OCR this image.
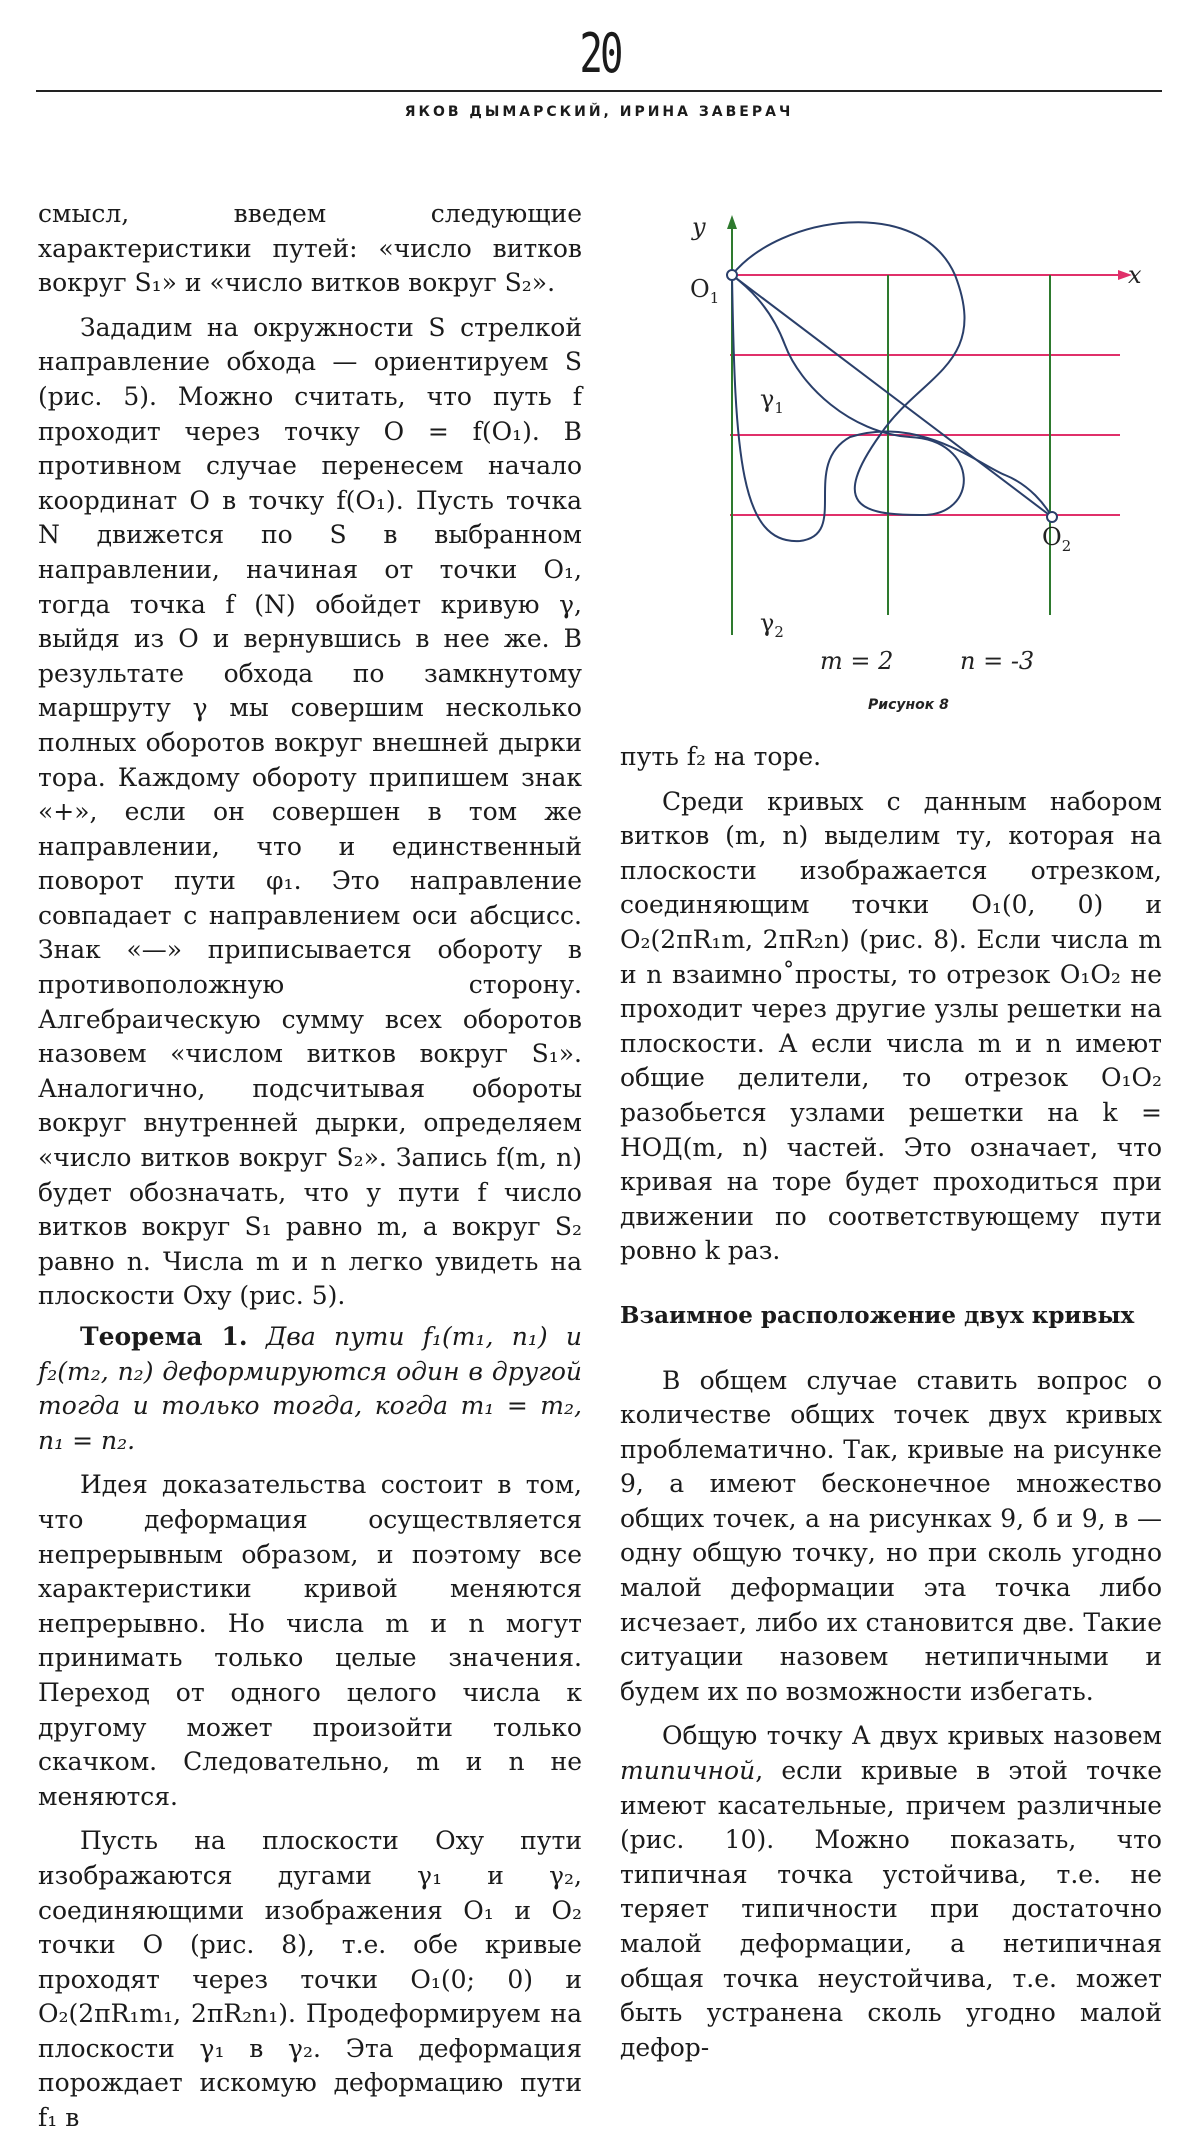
20
ЯКОВ ДЫМАРСКИЙ, ИРИНА ЗАВЕРАЧ
y
x
$O_1$
$O_2$
$\gamma_1$
$\gamma_2$
m = 2	n = -3
Рисунок 8

смысл, введем следующие характеристики путей: «число витков вокруг S₁» и «число витков вокруг S₂».

Зададим на окружности S стрелкой направление обхода — ориентируем S (рис. 5). Можно считать, что путь f проходит через точку O = f(O₁). В противном случае перенесем начало координат O в точку f(O₁). Пусть точка N движется по S в выбранном направлении, начиная от точки O₁, тогда точка f (N) обойдет кривую γ, выйдя из O и вернувшись в нее же. В результате обхода по замкнутому маршруту γ мы совершим несколько полных оборотов вокруг внешней дырки тора. Каждому обороту припишем знак «+», если он совершен в том же направлении, что и единственный поворот пути φ₁. Это направление совпадает с направлением оси абсцисс. Знак «—» приписывается обороту в противоположную сторону. Алгебраическую сумму всех оборотов назовем «числом витков вокруг S₁». Аналогично, подсчитывая обороты вокруг внутренней дырки, определяем «число витков вокруг S₂». Запись f(m, n) будет обозначать, что у пути f число витков вокруг S₁ равно m, а вокруг S₂ равно n. Числа m и n легко увидеть на плоскости Oxy (рис. 5).

Теорема 1. Два пути f₁(m₁, n₁) и f₂(m₂, n₂) деформируются один в другой тогда и только тогда, когда m₁ = m₂, n₁ = n₂.

Идея доказательства состоит в том, что деформация осуществляется непрерывным образом, и поэтому все характеристики кривой меняются непрерывно. Но числа m и n могут принимать только целые значения. Переход от одного целого числа к другому может произойти только скачком. Следовательно, m и n не меняются.

Пусть на плоскости Oxy пути изображаются дугами γ₁ и γ₂, соединяющими изображения O₁ и O₂ точки O (рис. 8), т.е. обе кривые проходят через точки O₁(0; 0) и O₂(2πR₁m₁, 2πR₂n₁). Продеформируем на плоскости γ₁ в γ₂. Эта деформация порождает искомую деформацию пути f₁ в

путь f₂ на торе.

Среди кривых с данным набором витков (m, n) выделим ту, которая на плоскости изображается отрезком, соединяющим точки O₁(0, 0) и O₂(2πR₁m, 2πR₂n) (рис. 8). Если числа m и n взаимно˚просты, то отрезок O₁O₂ не проходит через другие узлы решетки на плоскости. А если числа m и n имеют общие делители, то отрезок O₁O₂ разобьется узлами решетки на k = НОД(m, n) частей. Это означает, что кривая на торе будет проходиться при движении по соответствующему пути ровно k раз.

Взаимное расположение двух кривых

В общем случае ставить вопрос о количестве общих точек двух кривых проблематично. Так, кривые на рисунке 9, а имеют бесконечное множество общих точек, а на рисунках 9, б и 9, в — одну общую точку, но при сколь угодно малой деформации эта точка либо исчезает, либо их становится две. Такие ситуации назовем нетипичными и будем их по возможности избегать.

Общую точку A двух кривых назовем типичной, если кривые в этой точке имеют касательные, причем различные (рис. 10). Можно показать, что типичная точка устойчива, т.е. не теряет типичности при достаточно малой деформации, а нетипичная общая точка неустойчива, т.е. может быть устранена сколь угодно малой дефор-
